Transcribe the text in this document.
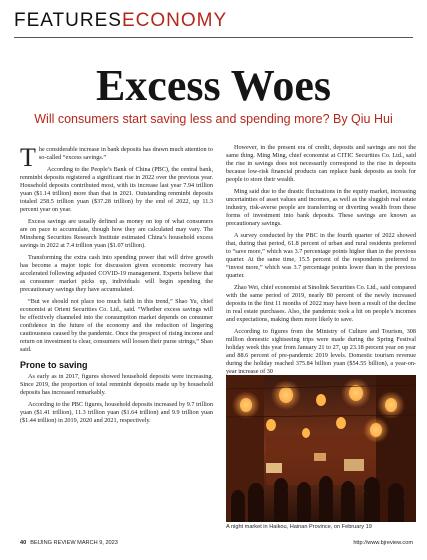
FEATURESECONOMY
Excess Woes
Will consumers start saving less and spending more? By Qiu Hui

The considerable increase in bank deposits has drawn much attention to so-called “excess savings.”

According to the People’s Bank of China (PBC), the central bank, renminbi deposits registered a significant rise in 2022 over the previous year. Household deposits contributed most, with its increase last year 7.94 trillion yuan ($1.14 trillion) more than that in 2021. Outstanding renminbi deposits totaled 258.5 trillion yuan ($37.28 trillion) by the end of 2022, up 11.3 percent year on year.

Excess savings are usually defined as money on top of what consumers are on pace to accumulate, though how they are calculated may vary. The Minsheng Securities Research Institute estimated China’s household excess savings in 2022 at 7.4 trillion yuan ($1.07 trillion).

Transforming the extra cash into spending power that will drive growth has become a major topic for discussion given economic recovery has accelerated following adjusted COVID-19 management. Experts believe that as consumer market picks up, individuals will begin spending the precautionary savings they have accumulated.

“But we should not place too much faith in this trend,” Shao Yu, chief economist at Orient Securities Co. Ltd., said. “Whether excess savings will be effectively channeled into the consumption market depends on consumer confidence in the future of the economy and the reduction of lingering cautiousness caused by the pandemic. Once the prospect of rising income and return on investment is clear, consumers will loosen their purse strings,” Shao said.

Prone to saving

As early as in 2017, figures showed household deposits were increasing. Since 2019, the proportion of total renminbi deposits made up by household deposits has increased remarkably.

According to the PBC figures, household deposits increased by 9.7 trillion yuan ($1.41 trillion), 11.3 trillion yuan ($1.64 trillion) and 9.9 trillion yuan ($1.44 trillion) in 2019, 2020 and 2021, respectively.

However, in the present era of credit, deposits and savings are not the same thing. Ming Ming, chief economist at CITIC Securities Co. Ltd., said the rise in savings does not necessarily correspond to the rise in deposits because low-risk financial products can replace bank deposits as tools for people to store their wealth.

Ming said due to the drastic fluctuations in the equity market, increasing uncertainties of asset values and incomes, as well as the sluggish real estate industry, risk-averse people are transferring or diverting wealth from these forms of investment into bank deposits. These savings are known as precautionary savings.

A survey conducted by the PBC in the fourth quarter of 2022 showed that, during that period, 61.8 percent of urban and rural residents preferred to “save more,” which was 3.7 percentage points higher than in the previous quarter. At the same time, 15.5 percent of the respondents preferred to “invest more,” which was 3.7 percentage points lower than in the previous quarter.

Zhao Wei, chief economist at Sinolink Securities Co. Ltd., said compared with the same period of 2019, nearly 80 percent of the newly increased deposits in the first 11 months of 2022 may have been a result of the decline in real estate purchases. Also, the pandemic took a hit on people’s incomes and expectations, making them more likely to save.

According to figures from the Ministry of Culture and Tourism, 308 million domestic sightseeing trips were made during the Spring Festival holiday week this year from January 21 to 27, up 23.18 percent year on year and 88.6 percent of pre-pandemic 2019 levels. Domestic tourism revenue during the holiday reached 375.84 billion yuan ($54.55 billion), a year-on-year increase of 30

A night market in Haikou, Hainan Province, on February 19
40 BEIJING REVIEW MARCH 9, 2023	http://www.bjreview.com
